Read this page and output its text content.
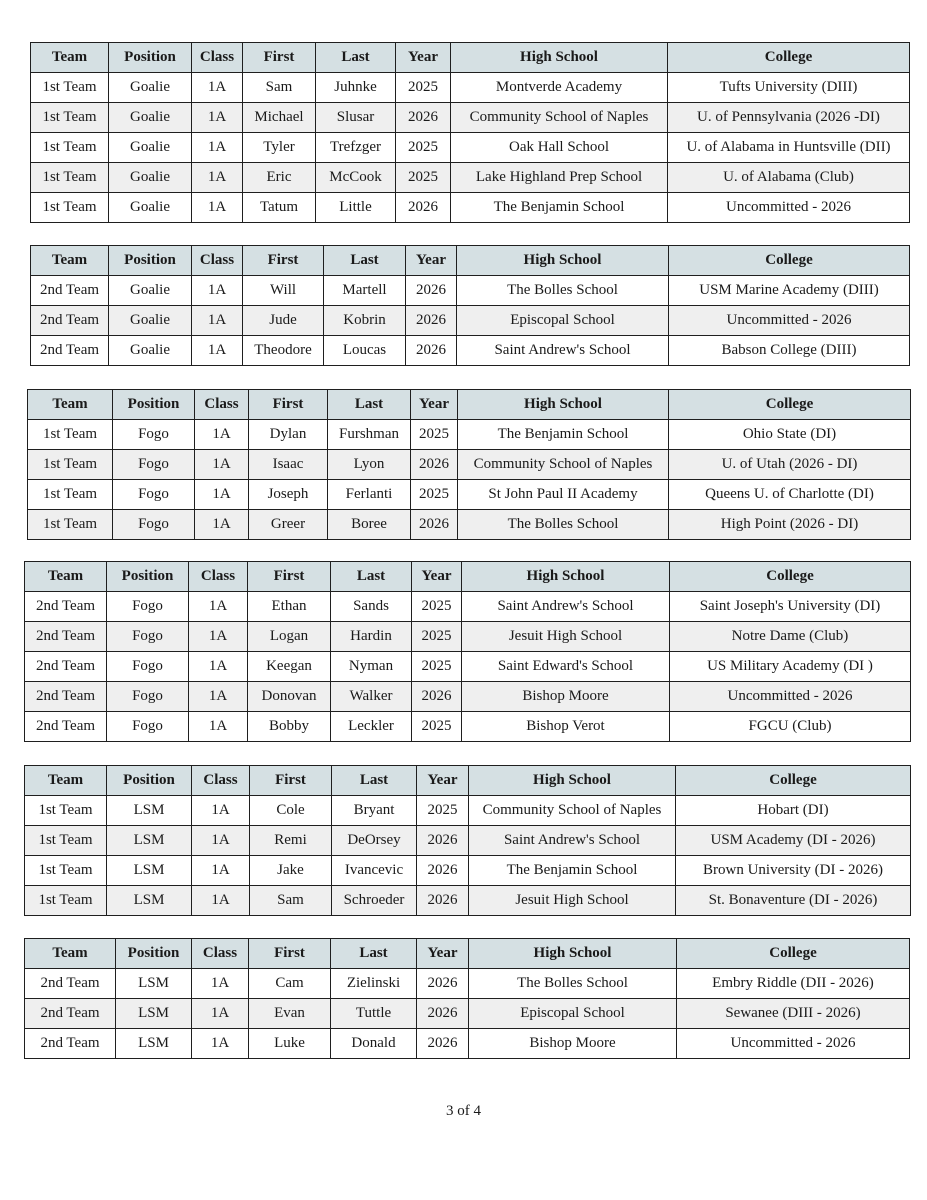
Team	Position	Class	First	Last	Year	High School	College
1st Team	Goalie	1A	Sam	Juhnke	2025	Montverde Academy	Tufts University (DIII)
1st Team	Goalie	1A	Michael	Slusar	2026	Community School of Naples	U. of Pennsylvania (2026 -DI)
1st Team	Goalie	1A	Tyler	Trefzger	2025	Oak Hall School	U. of Alabama in Huntsville (DII)
1st Team	Goalie	1A	Eric	McCook	2025	Lake Highland Prep School	U. of Alabama (Club)
1st Team	Goalie	1A	Tatum	Little	2026	The Benjamin School	Uncommitted - 2026
Team	Position	Class	First	Last	Year	High School	College
2nd Team	Goalie	1A	Will	Martell	2026	The Bolles School	USM Marine Academy (DIII)
2nd Team	Goalie	1A	Jude	Kobrin	2026	Episcopal School	Uncommitted - 2026
2nd Team	Goalie	1A	Theodore	Loucas	2026	Saint Andrew's School	Babson College (DIII)
Team	Position	Class	First	Last	Year	High School	College
1st Team	Fogo	1A	Dylan	Furshman	2025	The Benjamin School	Ohio State (DI)
1st Team	Fogo	1A	Isaac	Lyon	2026	Community School of Naples	U. of Utah (2026 - DI)
1st Team	Fogo	1A	Joseph	Ferlanti	2025	St John Paul II Academy	Queens U. of Charlotte (DI)
1st Team	Fogo	1A	Greer	Boree	2026	The Bolles School	High Point (2026 - DI)
Team	Position	Class	First	Last	Year	High School	College
2nd Team	Fogo	1A	Ethan	Sands	2025	Saint Andrew's School	Saint Joseph's University (DI)
2nd Team	Fogo	1A	Logan	Hardin	2025	Jesuit High School	Notre Dame (Club)
2nd Team	Fogo	1A	Keegan	Nyman	2025	Saint Edward's School	US Military Academy (DI )
2nd Team	Fogo	1A	Donovan	Walker	2026	Bishop Moore	Uncommitted - 2026
2nd Team	Fogo	1A	Bobby	Leckler	2025	Bishop Verot	FGCU (Club)
Team	Position	Class	First	Last	Year	High School	College
1st Team	LSM	1A	Cole	Bryant	2025	Community School of Naples	Hobart (DI)
1st Team	LSM	1A	Remi	DeOrsey	2026	Saint Andrew's School	USM Academy (DI - 2026)
1st Team	LSM	1A	Jake	Ivancevic	2026	The Benjamin School	Brown University (DI - 2026)
1st Team	LSM	1A	Sam	Schroeder	2026	Jesuit High School	St. Bonaventure (DI - 2026)
Team	Position	Class	First	Last	Year	High School	College
2nd Team	LSM	1A	Cam	Zielinski	2026	The Bolles School	Embry Riddle (DII - 2026)
2nd Team	LSM	1A	Evan	Tuttle	2026	Episcopal School	Sewanee (DIII - 2026)
2nd Team	LSM	1A	Luke	Donald	2026	Bishop Moore	Uncommitted - 2026
3 of 4
